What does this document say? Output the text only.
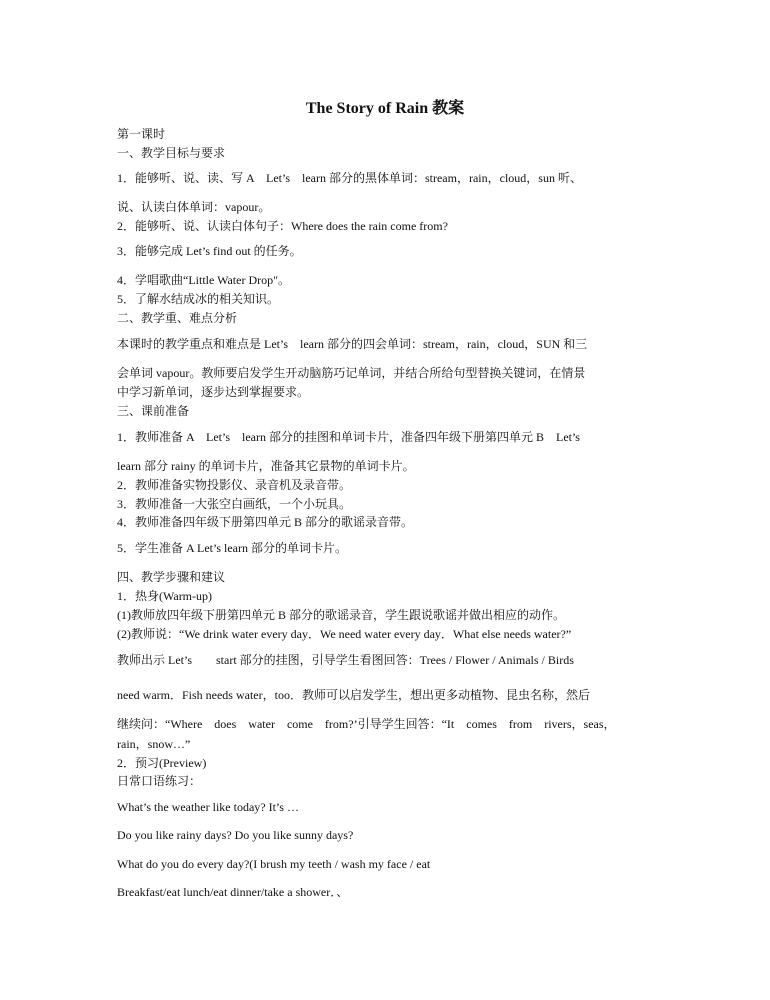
The Story of Rain 教案
第一课时
一、教学目标与要求
1．能够听、说、读、写 A　Let’s　learn 部分的黑体单词：stream，rain，cloud，sun 听、
说、认读白体单词：vapour。
2．能够听、说、认读白体句子：Where does the rain come from?
3．能够完成 Let’s find out 的任务。
4．学唱歌曲“Little Water Drop"。
5．了解水结成冰的相关知识。
二、教学重、难点分析
本课时的教学重点和难点是 Let’s　learn 部分的四会单词：stream，rain，cloud，SUN 和三
会单词 vapour。教师要启发学生开动脑筋巧记单词，并结合所给句型替换关键词，在情景
中学习新单词，逐步达到掌握要求。
三、课前准备
1．教师准备 A　Let’s　learn 部分的挂图和单词卡片，准备四年级下册第四单元 B　Let’s
learn 部分 rainy 的单词卡片，准备其它景物的单词卡片。
2．教师准备实物投影仪、录音机及录音带。
3．教师准备一大张空白画纸，一个小玩具。
4．教师准备四年级下册第四单元 B 部分的歌谣录音带。
5．学生准备 A Let’s learn 部分的单词卡片。
四、教学步骤和建议
1．热身(Warm-up)
(1)教师放四年级下册第四单元 B 部分的歌谣录音，学生跟说歌谣并做出相应的动作。
(2)教师说：“We drink water every day．We need water every day．What else needs water?”
教师出示 Let’s　　start 部分的挂图，引导学生看图回答：Trees / Flower / Animals / Birds
need warm．Fish needs water，too．教师可以启发学生，想出更多动植物、昆虫名称，然后
继续问：“Where　does　water　come　from?’引导学生回答：“It　comes　from　rivers，seas，
rain，snow…”
2．预习(Preview)
日常口语练习：
What’s the weather like today? It’s …
Do you like rainy days? Do you like sunny days?
What do you do every day?(I brush my teeth / wash my face / eat
Breakfast/eat lunch/eat dinner/take a shower．、
